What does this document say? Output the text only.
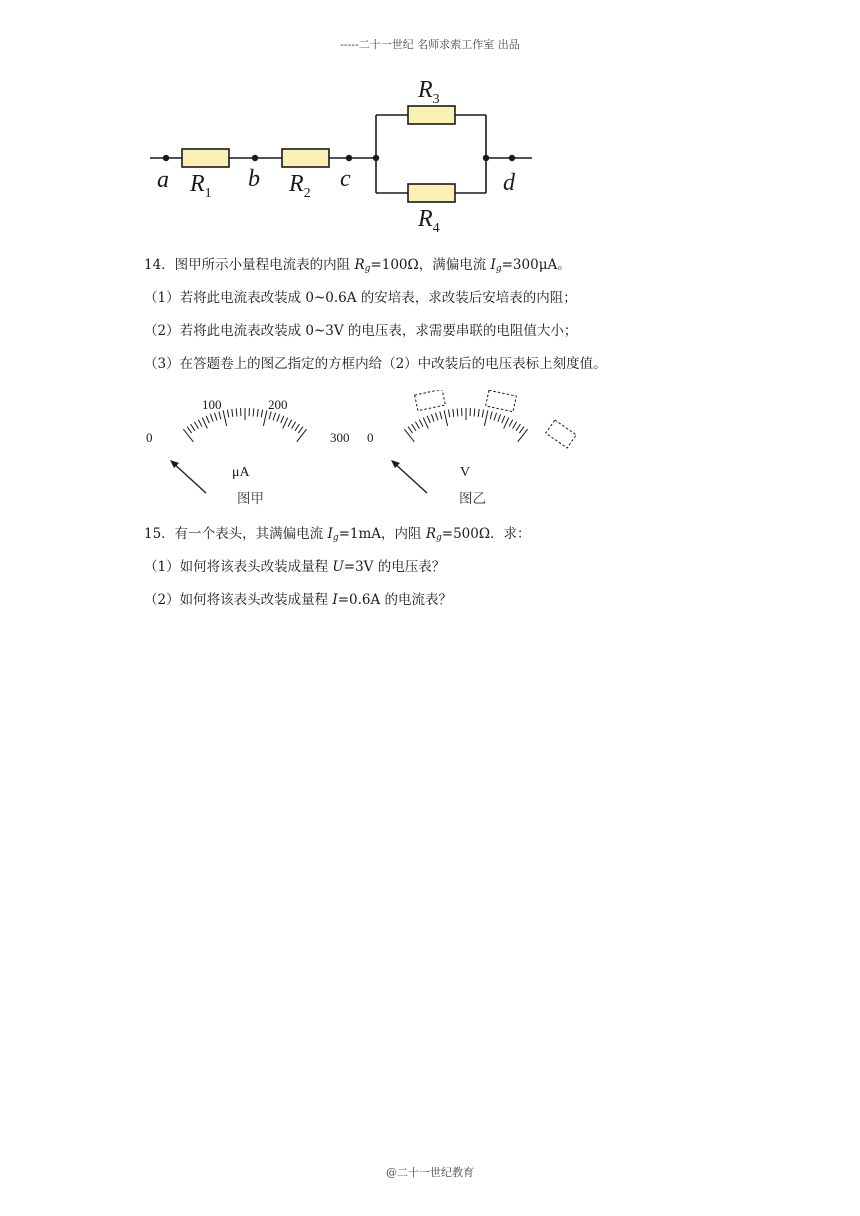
-----二十一世纪 名师求索工作室 出品
a	b	c	d
$R_1$	$R_2$
$R_3$
$R_4$
14．图甲所示小量程电流表的内阻 $R_g=100\Omega$，满偏电流 $I_g=300\mu A$。
（1）若将此电流表改装成 0~0.6A 的安培表，求改装后安培表的内阻；
（2）若将此电流表改装成 0~3V 的电压表，求需要串联的电阻值大小；
（3）在答题卷上的图乙指定的方框内给（2）中改装后的电压表标上刻度值。
0
100	200
300
μA
图甲
0
V
图乙
15．有一个表头，其满偏电流 $I_g=1mA$，内阻 $R_g=500\Omega$．求：
（1）如何将该表头改装成量程 U=3V 的电压表？
（2）如何将该表头改装成量程 I=0.6A 的电流表？
@二十一世纪教育
